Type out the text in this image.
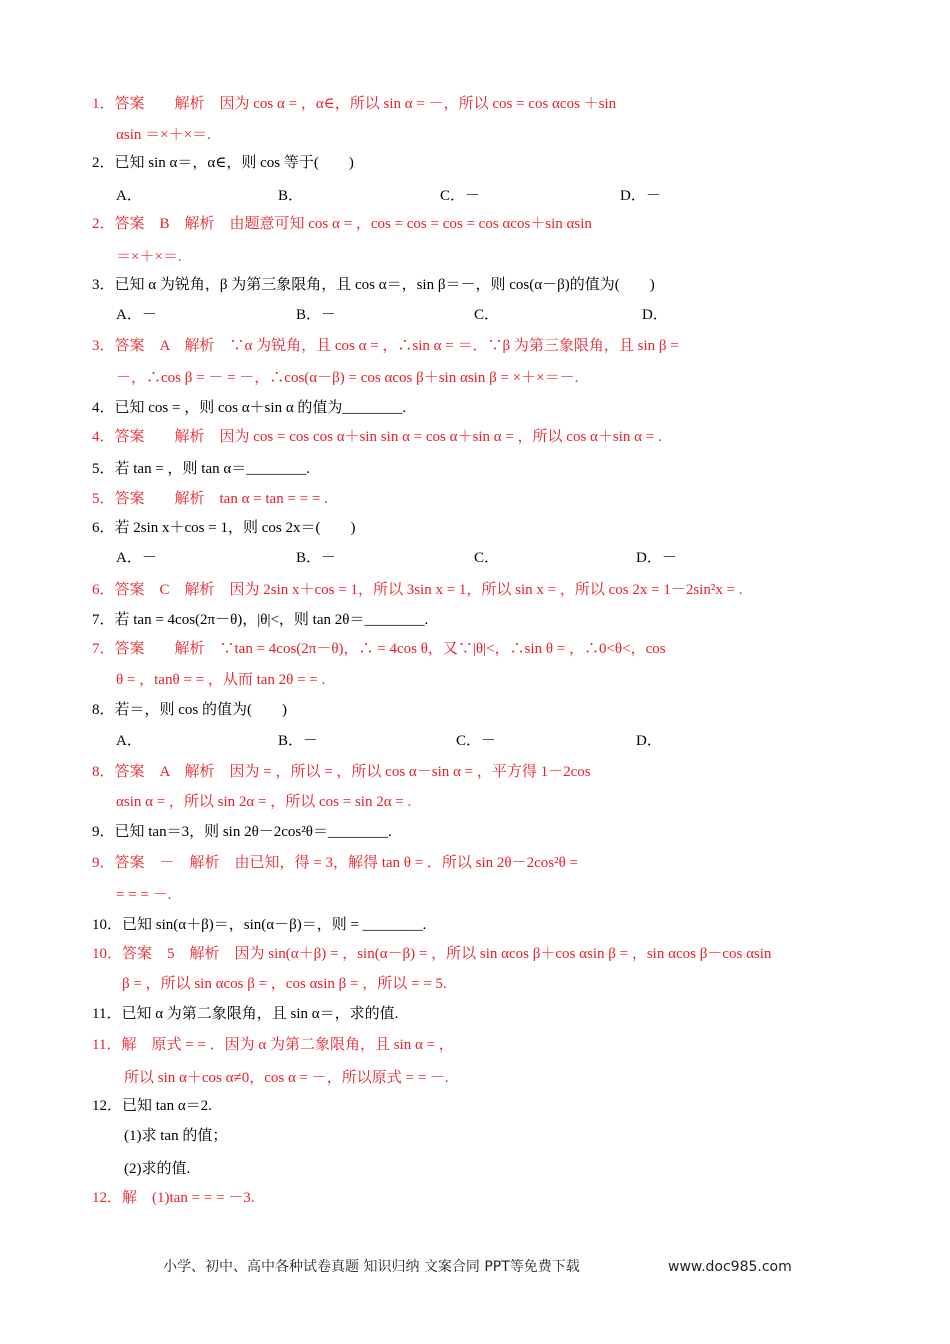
1．答案　　解析　因为 cos α = ，α∈，所以 sin α = －，所以 cos = cos αcos ＋sin
αsin ＝×＋×＝.
2．已知 sin α＝，α∈，则 cos 等于(　　)
A．	B．	C．－	D．－
2．答案　B　解析　由题意可知 cos α = ，cos = cos = cos = cos αcos＋sin αsin
＝×＋×＝.
3．已知 α 为锐角，β 为第三象限角，且 cos α＝，sin β＝－，则 cos(α－β)的值为(　　)
A．－	B．－	C．	D．
3．答案　A　解析　∵α 为锐角，且 cos α = ，∴sin α = ＝．∵β 为第三象限角，且 sin β =
－，∴cos β = － = －，∴cos(α－β) = cos αcos β＋sin αsin β = ×＋×＝－.
4．已知 cos = ，则 cos α＋sin α 的值为________.
4．答案　　解析　因为 cos = cos cos α＋sin sin α = cos α＋sin α = ，所以 cos α＋sin α = .
5．若 tan = ，则 tan α＝________.
5．答案　　解析　tan α = tan = = = .
6．若 2sin x＋cos = 1，则 cos 2x＝(　　)
A．－	B．－	C．	D．－
6．答案　C　解析　因为 2sin x＋cos = 1，所以 3sin x = 1，所以 sin x = ，所以 cos 2x = 1－2sin²x = .
7．若 tan = 4cos(2π－θ)，|θ|<，则 tan 2θ＝________.
7．答案　　解析　∵tan = 4cos(2π－θ)，∴ = 4cos θ，又∵|θ|<，∴sin θ = ，∴0<θ<，cos
θ = ，tanθ = = ，从而 tan 2θ = = .
8．若＝，则 cos 的值为(　　)
A．	B．－	C．－	D．
8．答案　A　解析　因为 = ，所以 = ，所以 cos α－sin α = ，平方得 1－2cos
αsin α = ，所以 sin 2α = ，所以 cos = sin 2α = .
9．已知 tan＝3，则 sin 2θ－2cos²θ＝________.
9．答案　－　解析　由已知，得 = 3，解得 tan θ = ．所以 sin 2θ－2cos²θ =
= = = －.
10．已知 sin(α＋β)＝，sin(α－β)＝，则 = ________.
10．答案　5　解析　因为 sin(α＋β) = ，sin(α－β) = ，所以 sin αcos β＋cos αsin β = ，sin αcos β－cos αsin
β = ，所以 sin αcos β = ，cos αsin β = ，所以 = = 5.
11．已知 α 为第二象限角，且 sin α＝，求的值.
11．解　原式 = = ．因为 α 为第二象限角，且 sin α = ，
所以 sin α＋cos α≠0，cos α = －，所以原式 = = －.
12．已知 tan α＝2.
(1)求 tan 的值；
(2)求的值.
12．解　(1)tan = = = －3.
小学、初中、高中各种试卷真题 知识归纳 文案合同 PPT等免费下载	www.doc985.com
